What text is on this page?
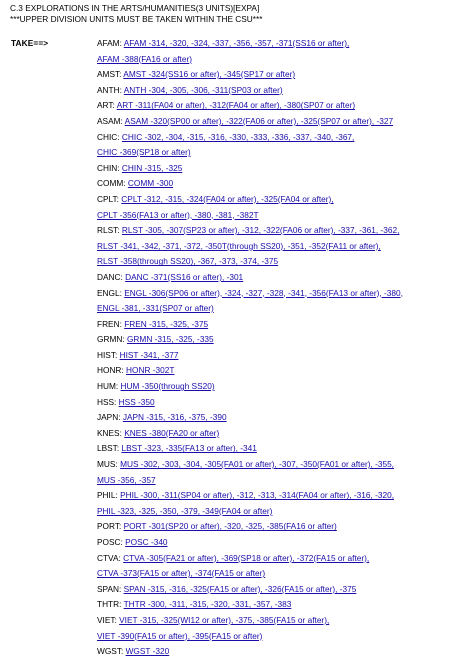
C.3 EXPLORATIONS IN THE ARTS/HUMANITIES(3 UNITS)[EXPA]
***UPPER DIVISION UNITS MUST BE TAKEN WITHIN THE CSU***
TAKE==>	AFAM: AFAM -314, -320, -324, -337, -356, -357, -371(SS16 or after),
AFAM -388(FA16 or after)
AMST: AMST -324(SS16 or after), -345(SP17 or after)
ANTH: ANTH -304, -305, -306, -311(SP03 or after)
ART: ART -311(FA04 or after), -312(FA04 or after), -380(SP07 or after)
ASAM: ASAM -320(SP00 or after), -322(FA06 or after), -325(SP07 or after), -327
CHIC: CHIC -302, -304, -315, -316, -330, -333, -336, -337, -340, -367,
CHIC -369(SP18 or after)
CHIN: CHIN -315, -325
COMM: COMM -300
CPLT: CPLT -312, -315, -324(FA04 or after), -325(FA04 or after),
CPLT -356(FA13 or after), -380, -381, -382T
RLST: RLST -305, -307(SP23 or after), -312, -322(FA06 or after), -337, -361, -362,
RLST -341, -342, -371, -372, -350T(through SS20), -351, -352(FA11 or after),
RLST -358(through SS20), -367, -373, -374, -375
DANC: DANC -371(SS16 or after), -301
ENGL: ENGL -306(SP06 or after), -324, -327, -328, -341, -356(FA13 or after), -380,
ENGL -381, -331(SP07 or after)
FREN: FREN -315, -325, -375
GRMN: GRMN -315, -325, -335
HIST: HIST -341, -377
HONR: HONR -302T
HUM: HUM -350(through SS20)
HSS: HSS -350
JAPN: JAPN -315, -316, -375, -390
KNES: KNES -380(FA20 or after)
LBST: LBST -323, -335(FA13 or after), -341
MUS: MUS -302, -303, -304, -305(FA01 or after), -307, -350(FA01 or after), -355,
MUS -356, -357
PHIL: PHIL -300, -311(SP04 or after), -312, -313, -314(FA04 or after), -316, -320,
PHIL -323, -325, -350, -379, -349(FA04 or after)
PORT: PORT -301(SP20 or after), -320, -325, -385(FA16 or after)
POSC: POSC -340
CTVA: CTVA -305(FA21 or after), -369(SP18 or after), -372(FA15 or after),
CTVA -373(FA15 or after), -374(FA15 or after)
SPAN: SPAN -315, -316, -325(FA15 or after), -326(FA15 or after), -375
THTR: THTR -300, -311, -315, -320, -331, -357, -383
VIET: VIET -315, -325(WI12 or after), -375, -385(FA15 or after),
VIET -390(FA15 or after), -395(FA15 or after)
WGST: WGST -320
